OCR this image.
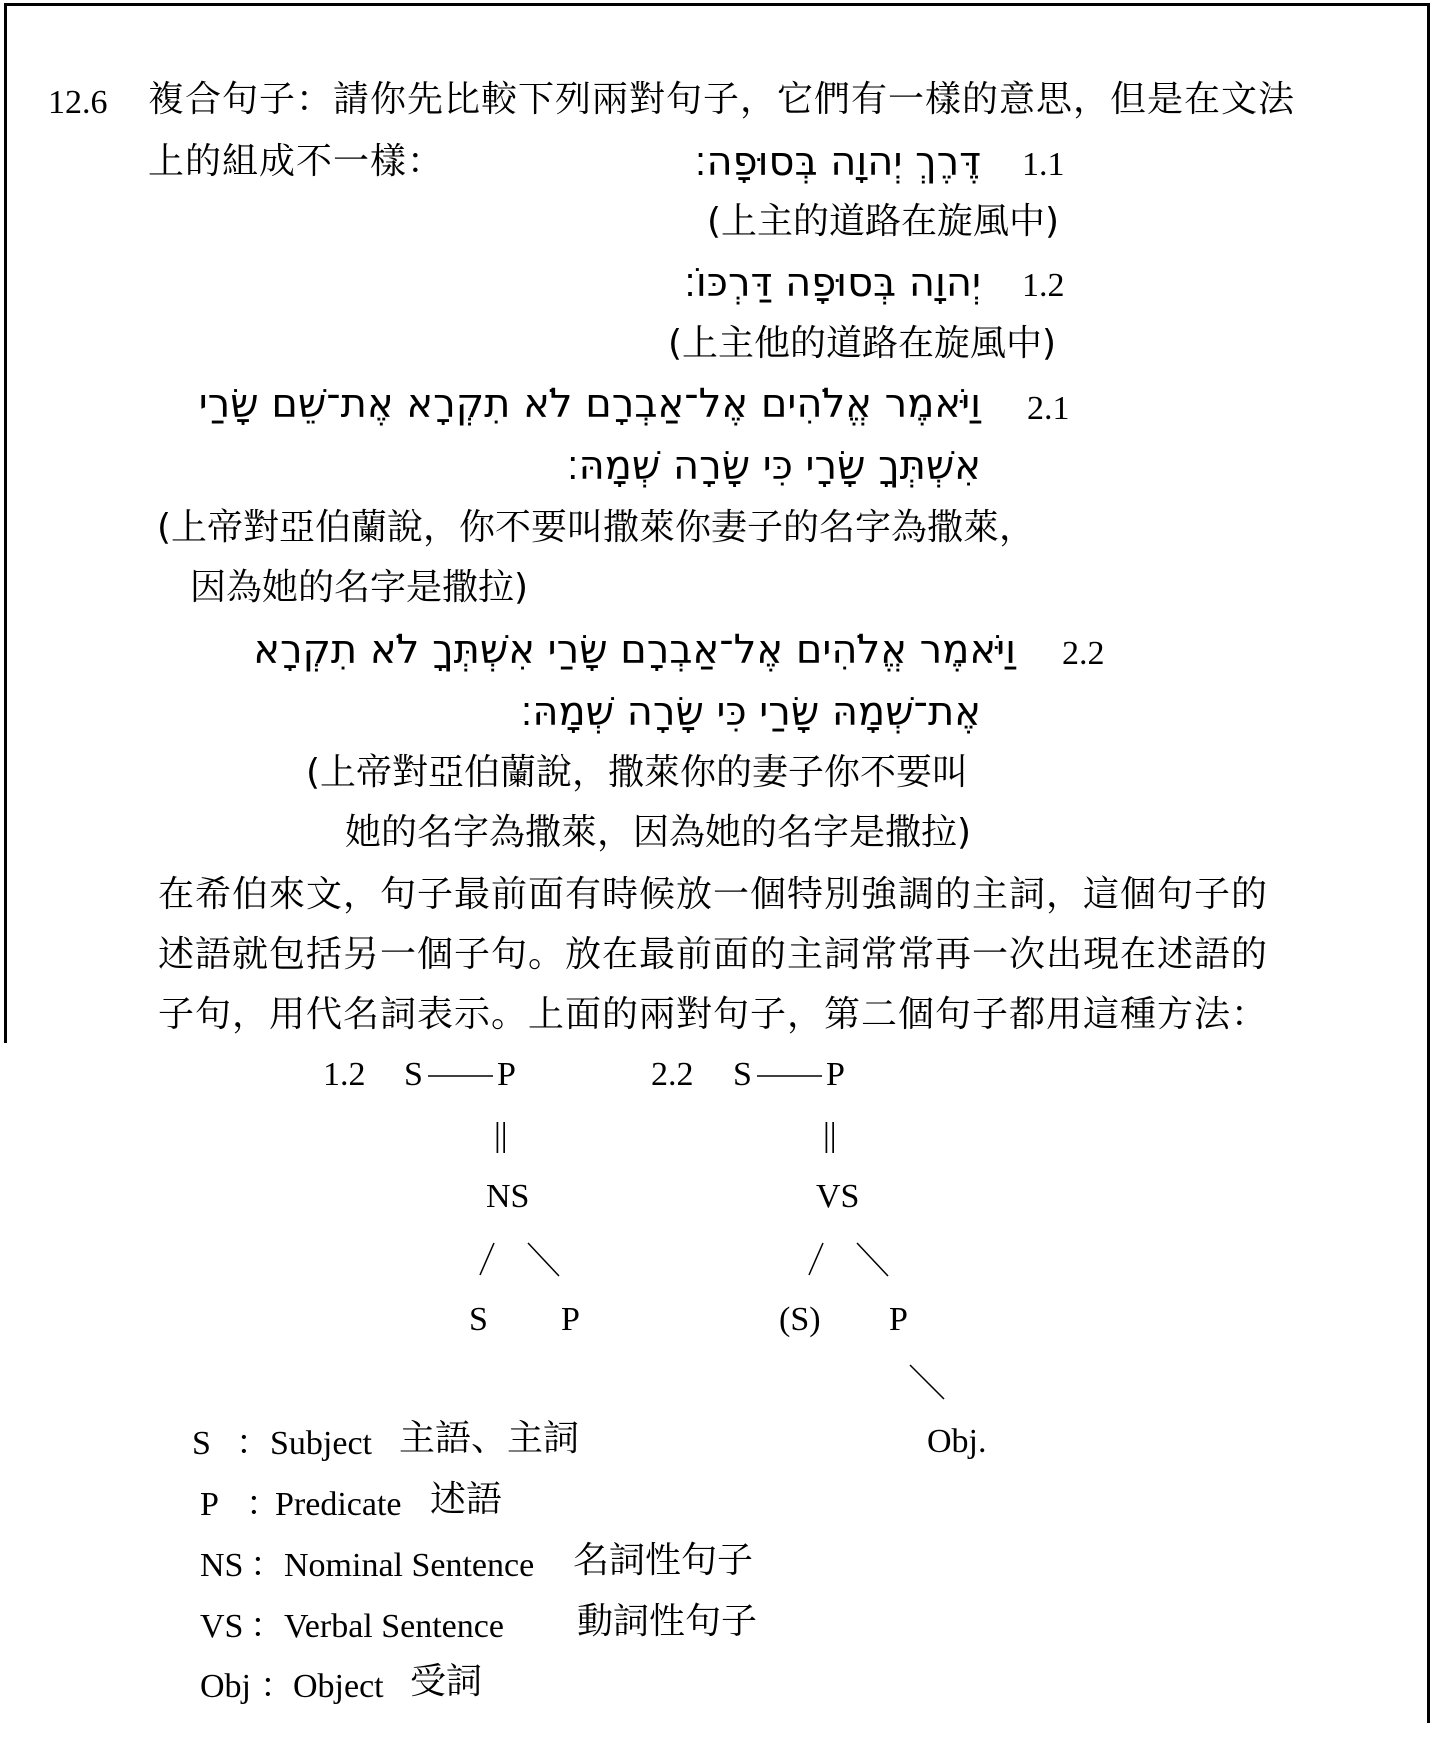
12.6 複合句子：請你先比較下列兩對句子，它們有一樣的意思，但是在文法
上的組成不一樣：	דֶּרֶךְ יְהוָה בְּסוּפָה׃ 1.1
(上主的道路在旋風中)
יְהוָה בְּסוּפָה דַּרְכּוֹ׃ 1.2
(上主他的道路在旋風中)
וַיֹּאמֶר אֱלֹהִים אֶל־אַבְרָם לֹא תִקְרָא אֶת־שֵׁם שָׂרַי 2.1
אִשְׁתְּךָ שָׂרָי כִּי שָׂרָה שְׁמָהּ׃
(上帝對亞伯蘭說，你不要叫撒萊你妻子的名字為撒萊，
因為她的名字是撒拉)
וַיֹּאמֶר אֱלֹהִים אֶל־אַבְרָם שָׂרַי אִשְׁתְּךָ לֹא תִקְרָא 2.2
אֶת־שְׁמָהּ שָׂרַי כִּי שָׂרָה שְׁמָהּ׃
(上帝對亞伯蘭說，撒萊你的妻子你不要叫
她的名字為撒萊，因為她的名字是撒拉)
在希伯來文，句子最前面有時候放一個特別強調的主詞，這個句子的
述語就包括另一個子句。放在最前面的主詞常常再一次出現在述語的
子句，用代名詞表示。上面的兩對句子，第二個句子都用這種方法：
1.2 S P
||
NS
S P
2.2 S P
||
VS
(S) P
Obj.
S ： Subject 主語、主詞
P ：
Predicate 述語
NS ： Nominal Sentence 名詞性句子
VS ： Verbal Sentence 動詞性句子
Obj ： Object 受詞
